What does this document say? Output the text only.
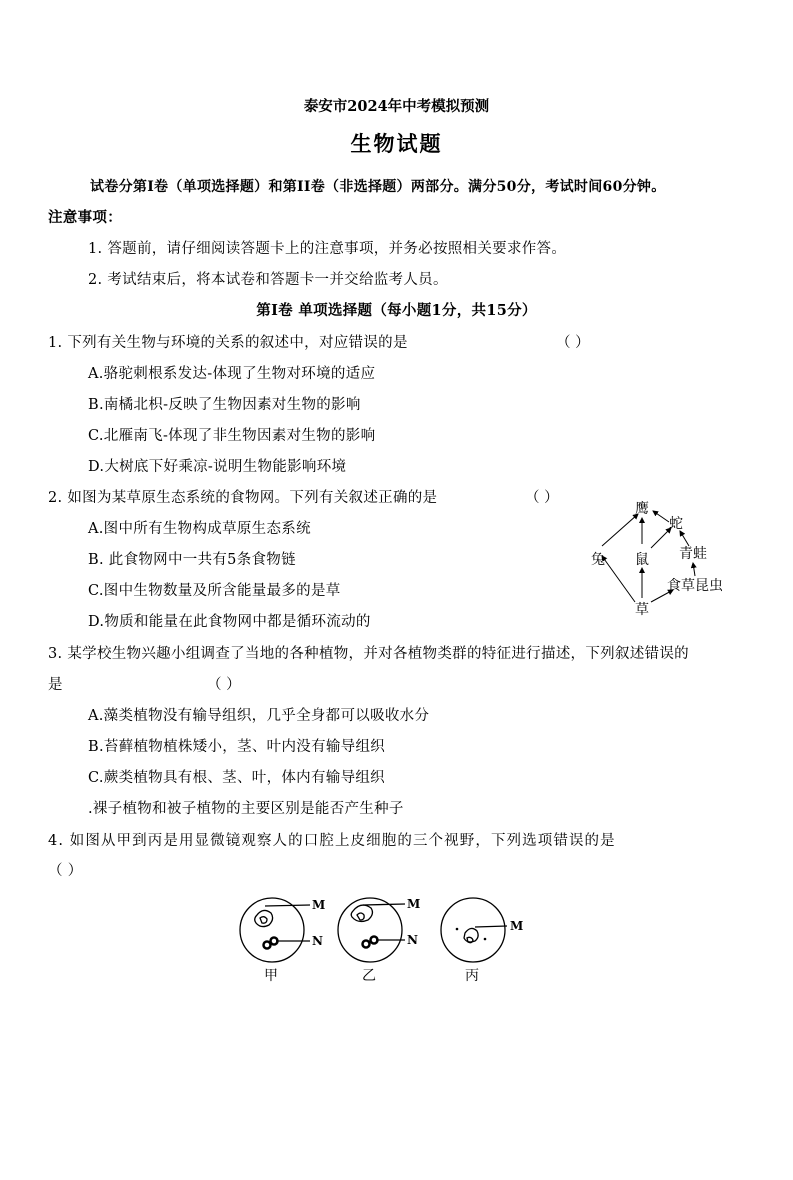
泰安市2024年中考模拟预测
生物试题
试卷分第I卷（单项选择题）和第II卷（非选择题）两部分。满分50分，考试时间60分钟。
注意事项：
1. 答题前，请仔细阅读答题卡上的注意事项，并务必按照相关要求作答。
2. 考试结束后，将本试卷和答题卡一并交给监考人员。
第I卷 单项选择题（每小题1分，共15分）
1. 下列有关生物与环境的关系的叙述中，对应错误的是	（ ）
A.骆驼刺根系发达-体现了生物对环境的适应
B.南橘北枳-反映了生物因素对生物的影响
C.北雁南飞-体现了非生物因素对生物的影响
D.大树底下好乘凉-说明生物能影响环境
2. 如图为某草原生态系统的食物网。下列有关叙述正确的是	（ ）
A.图中所有生物构成草原生态系统
B. 此食物网中一共有5条食物链
C.图中生物数量及所含能量最多的是草
D.物质和能量在此食物网中都是循环流动的
鹰
蛇
青蛙
兔 鼠
食草昆虫
草
3. 某学校生物兴趣小组调查了当地的各种植物，并对各植物类群的特征进行描述，下列叙述错误的
是	（ ）
A.藻类植物没有输导组织，几乎全身都可以吸收水分
B.苔藓植物植株矮小，茎、叶内没有输导组织
C.蕨类植物具有根、茎、叶，体内有输导组织
.裸子植物和被子植物的主要区别是能否产生种子
4. 如图从甲到丙是用显微镜观察人的口腔上皮细胞的三个视野，下列选项错误的是
（ ）
M
N
M
N
M
甲	乙	丙
